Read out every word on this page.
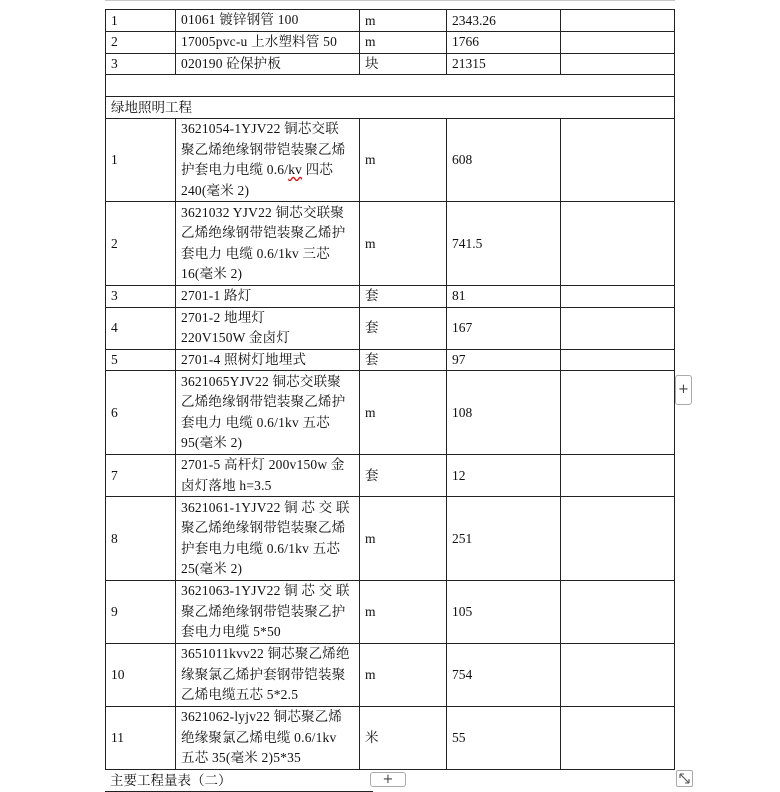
1	01061 镀锌钢管 100	m	2343.26	
2	17005pvc-u 上水塑料管 50	m	1766	
3	020190 砼保护板	块	21315	

绿地照明工程				
1	3621054-1YJV22 铜芯交联
聚乙烯绝缘钢带铠装聚乙烯
护套电力电缆 0.6/kv 四芯
240(毫米 2)	m	608	
2	3621032 YJV22 铜芯交联聚
乙烯绝缘钢带铠装聚乙烯护
套电力 电缆 0.6/1kv 三芯
16(毫米 2)	m	741.5	
3	2701-1 路灯	套	81	
4	2701-2 地埋灯
220V150W 金卤灯	套	167	
5	2701-4 照树灯地埋式	套	97	
6	3621065YJV22 铜芯交联聚
乙烯绝缘钢带铠装聚乙烯护
套电力 电缆 0.6/1kv 五芯
95(毫米 2)	m	108	
7	2701-5 高杆灯 200v150w 金
卤灯落地 h=3.5	套	12	
8	3621061-1YJV22 铜 芯 交 联
聚乙烯绝缘钢带铠装聚乙烯
护套电力电缆 0.6/1kv 五芯
25(毫米 2)	m	251	
9	3621063-1YJV22 铜 芯 交 联
聚乙烯绝缘钢带铠装聚乙护
套电力电缆 5*50	m	105	
10	3651011kvv22 铜芯聚乙烯绝
缘聚氯乙烯护套钢带铠装聚
乙烯电缆五芯 5*2.5	m	754	
11	3621062-lyjv22 铜芯聚乙烯
绝缘聚氯乙烯电缆 0.6/1kv
五芯 35(毫米 2)5*35	米	55	
主要工程量表（二）	+
+
